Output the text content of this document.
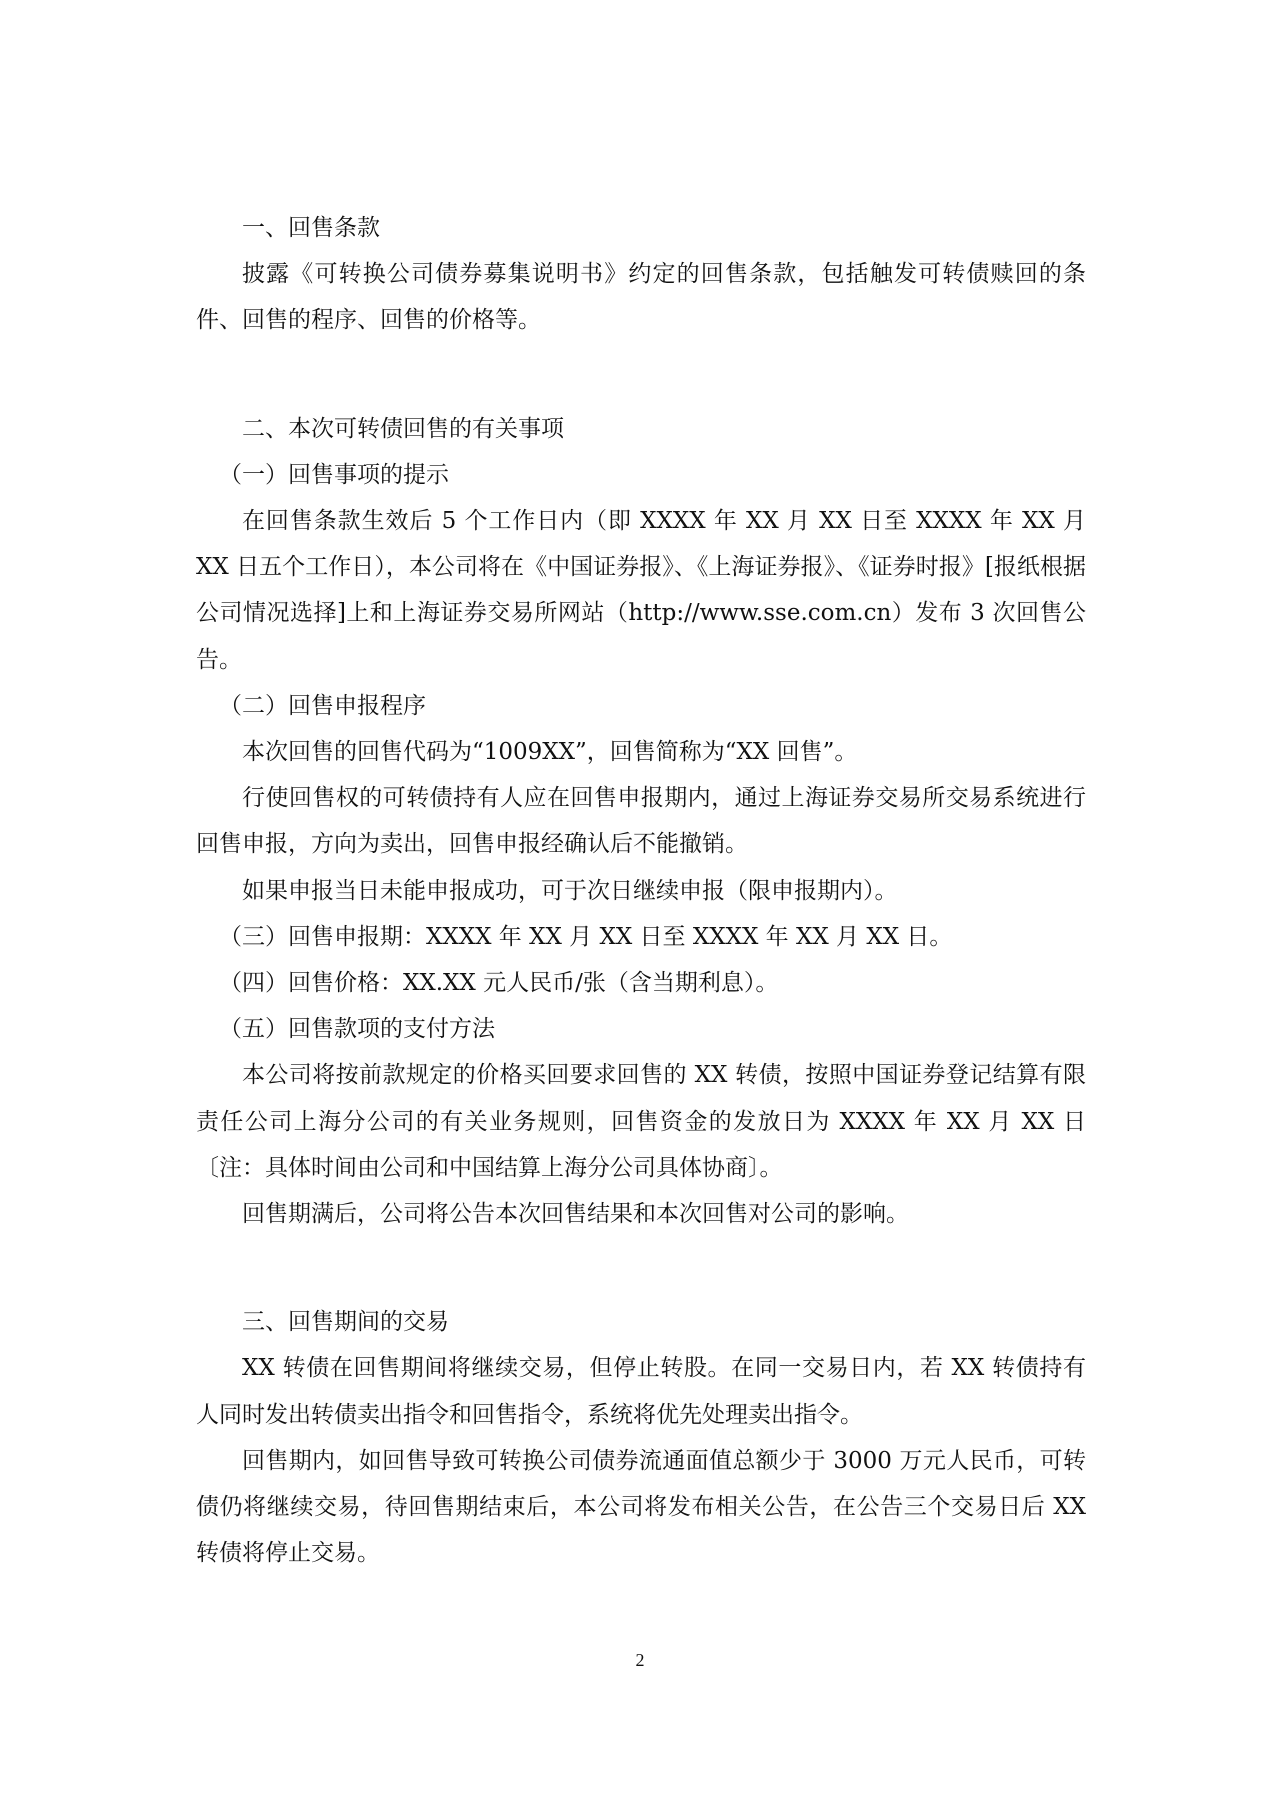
一、回售条款

披露《可转换公司债券募集说明书》约定的回售条款，包括触发可转债赎回的条件、回售的程序、回售的价格等。

二、本次可转债回售的有关事项

（一）回售事项的提示

在回售条款生效后 5 个工作日内（即 XXXX 年 XX 月 XX 日至 XXXX 年 XX 月 XX 日五个工作日），本公司将在《中国证券报》、《上海证券报》、《证券时报》[报纸根据公司情况选择]上和上海证券交易所网站（http://www.sse.com.cn）发布 3 次回售公告。

（二）回售申报程序

本次回售的回售代码为“1009XX”，回售简称为“XX 回售”。

行使回售权的可转债持有人应在回售申报期内，通过上海证券交易所交易系统进行回售申报，方向为卖出，回售申报经确认后不能撤销。

如果申报当日未能申报成功，可于次日继续申报（限申报期内）。

（三）回售申报期：XXXX 年 XX 月 XX 日至 XXXX 年 XX 月 XX 日。

（四）回售价格：XX.XX 元人民币/张（含当期利息）。

（五）回售款项的支付方法

本公司将按前款规定的价格买回要求回售的 XX 转债，按照中国证券登记结算有限责任公司上海分公司的有关业务规则，回售资金的发放日为 XXXX 年 XX 月 XX 日〔注：具体时间由公司和中国结算上海分公司具体协商〕。

回售期满后，公司将公告本次回售结果和本次回售对公司的影响。

三、回售期间的交易

XX 转债在回售期间将继续交易，但停止转股。在同一交易日内，若 XX 转债持有人同时发出转债卖出指令和回售指令，系统将优先处理卖出指令。

回售期内，如回售导致可转换公司债券流通面值总额少于 3000 万元人民币，可转债仍将继续交易，待回售期结束后，本公司将发布相关公告，在公告三个交易日后 XX 转债将停止交易。

2
